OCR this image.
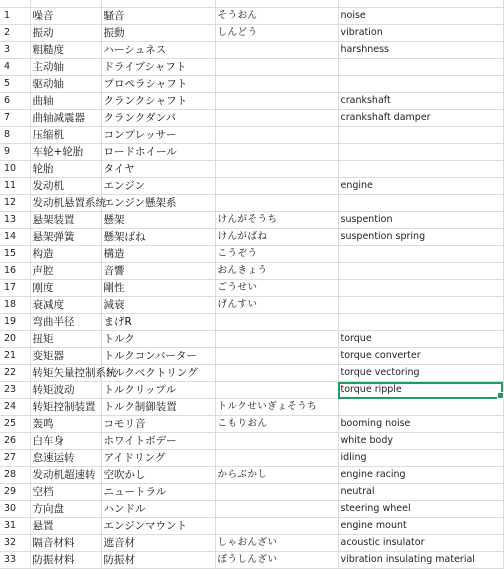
1	噪音	騒音	そうおん	noise
2	振动	振動	しんどう	vibration
3	粗糙度	ハーシュネス		harshness
4	主动轴	ドライブシャフト		
5	驱动轴	プロペラシャフト		
6	曲轴	クランクシャフト		crankshaft
7	曲轴减震器	クランクダンパ		crankshaft damper
8	压缩机	コンプレッサー		
9	车轮+轮胎	ロードホイール		
10	轮胎	タイヤ		
11	发动机	エンジン		engine
12	发动机悬置系统	エンジン懸架系		
13	悬架装置	懸架	けんがそうち	suspention
14	悬架弹簧	懸架ばね	けんがばね	suspention spring
15	构造	構造	こうぞう	
16	声腔	音響	おんきょう	
17	刚度	剛性	ごうせい	
18	衰减度	減衰	げんすい	
19	弯曲半径	まげR		
20	扭矩	トルク		torque
21	变矩器	トルクコンバーター		torque converter
22	转矩矢量控制系统	トルクベクトリング		torque vectoring
23	转矩波动	トルクリップル		torque ripple

24	转矩控制装置	トルク制御装置	トルクせいぎょそうち	
25	轰鸣	コモリ音	こもりおん	booming noise
26	白车身	ホワイトボデー		white body
27	怠速运转	アイドリング		idling
28	发动机超速转	空吹かし	からぶかし	engine racing
29	空档	ニュートラル		neutral
30	方向盘	ハンドル		steering wheel
31	悬置	エンジンマウント		engine mount
32	隔音材料	遮音材	しゃおんざい	acoustic insulator
33	防振材料	防振材	ぼうしんざい	vibration insulating material
